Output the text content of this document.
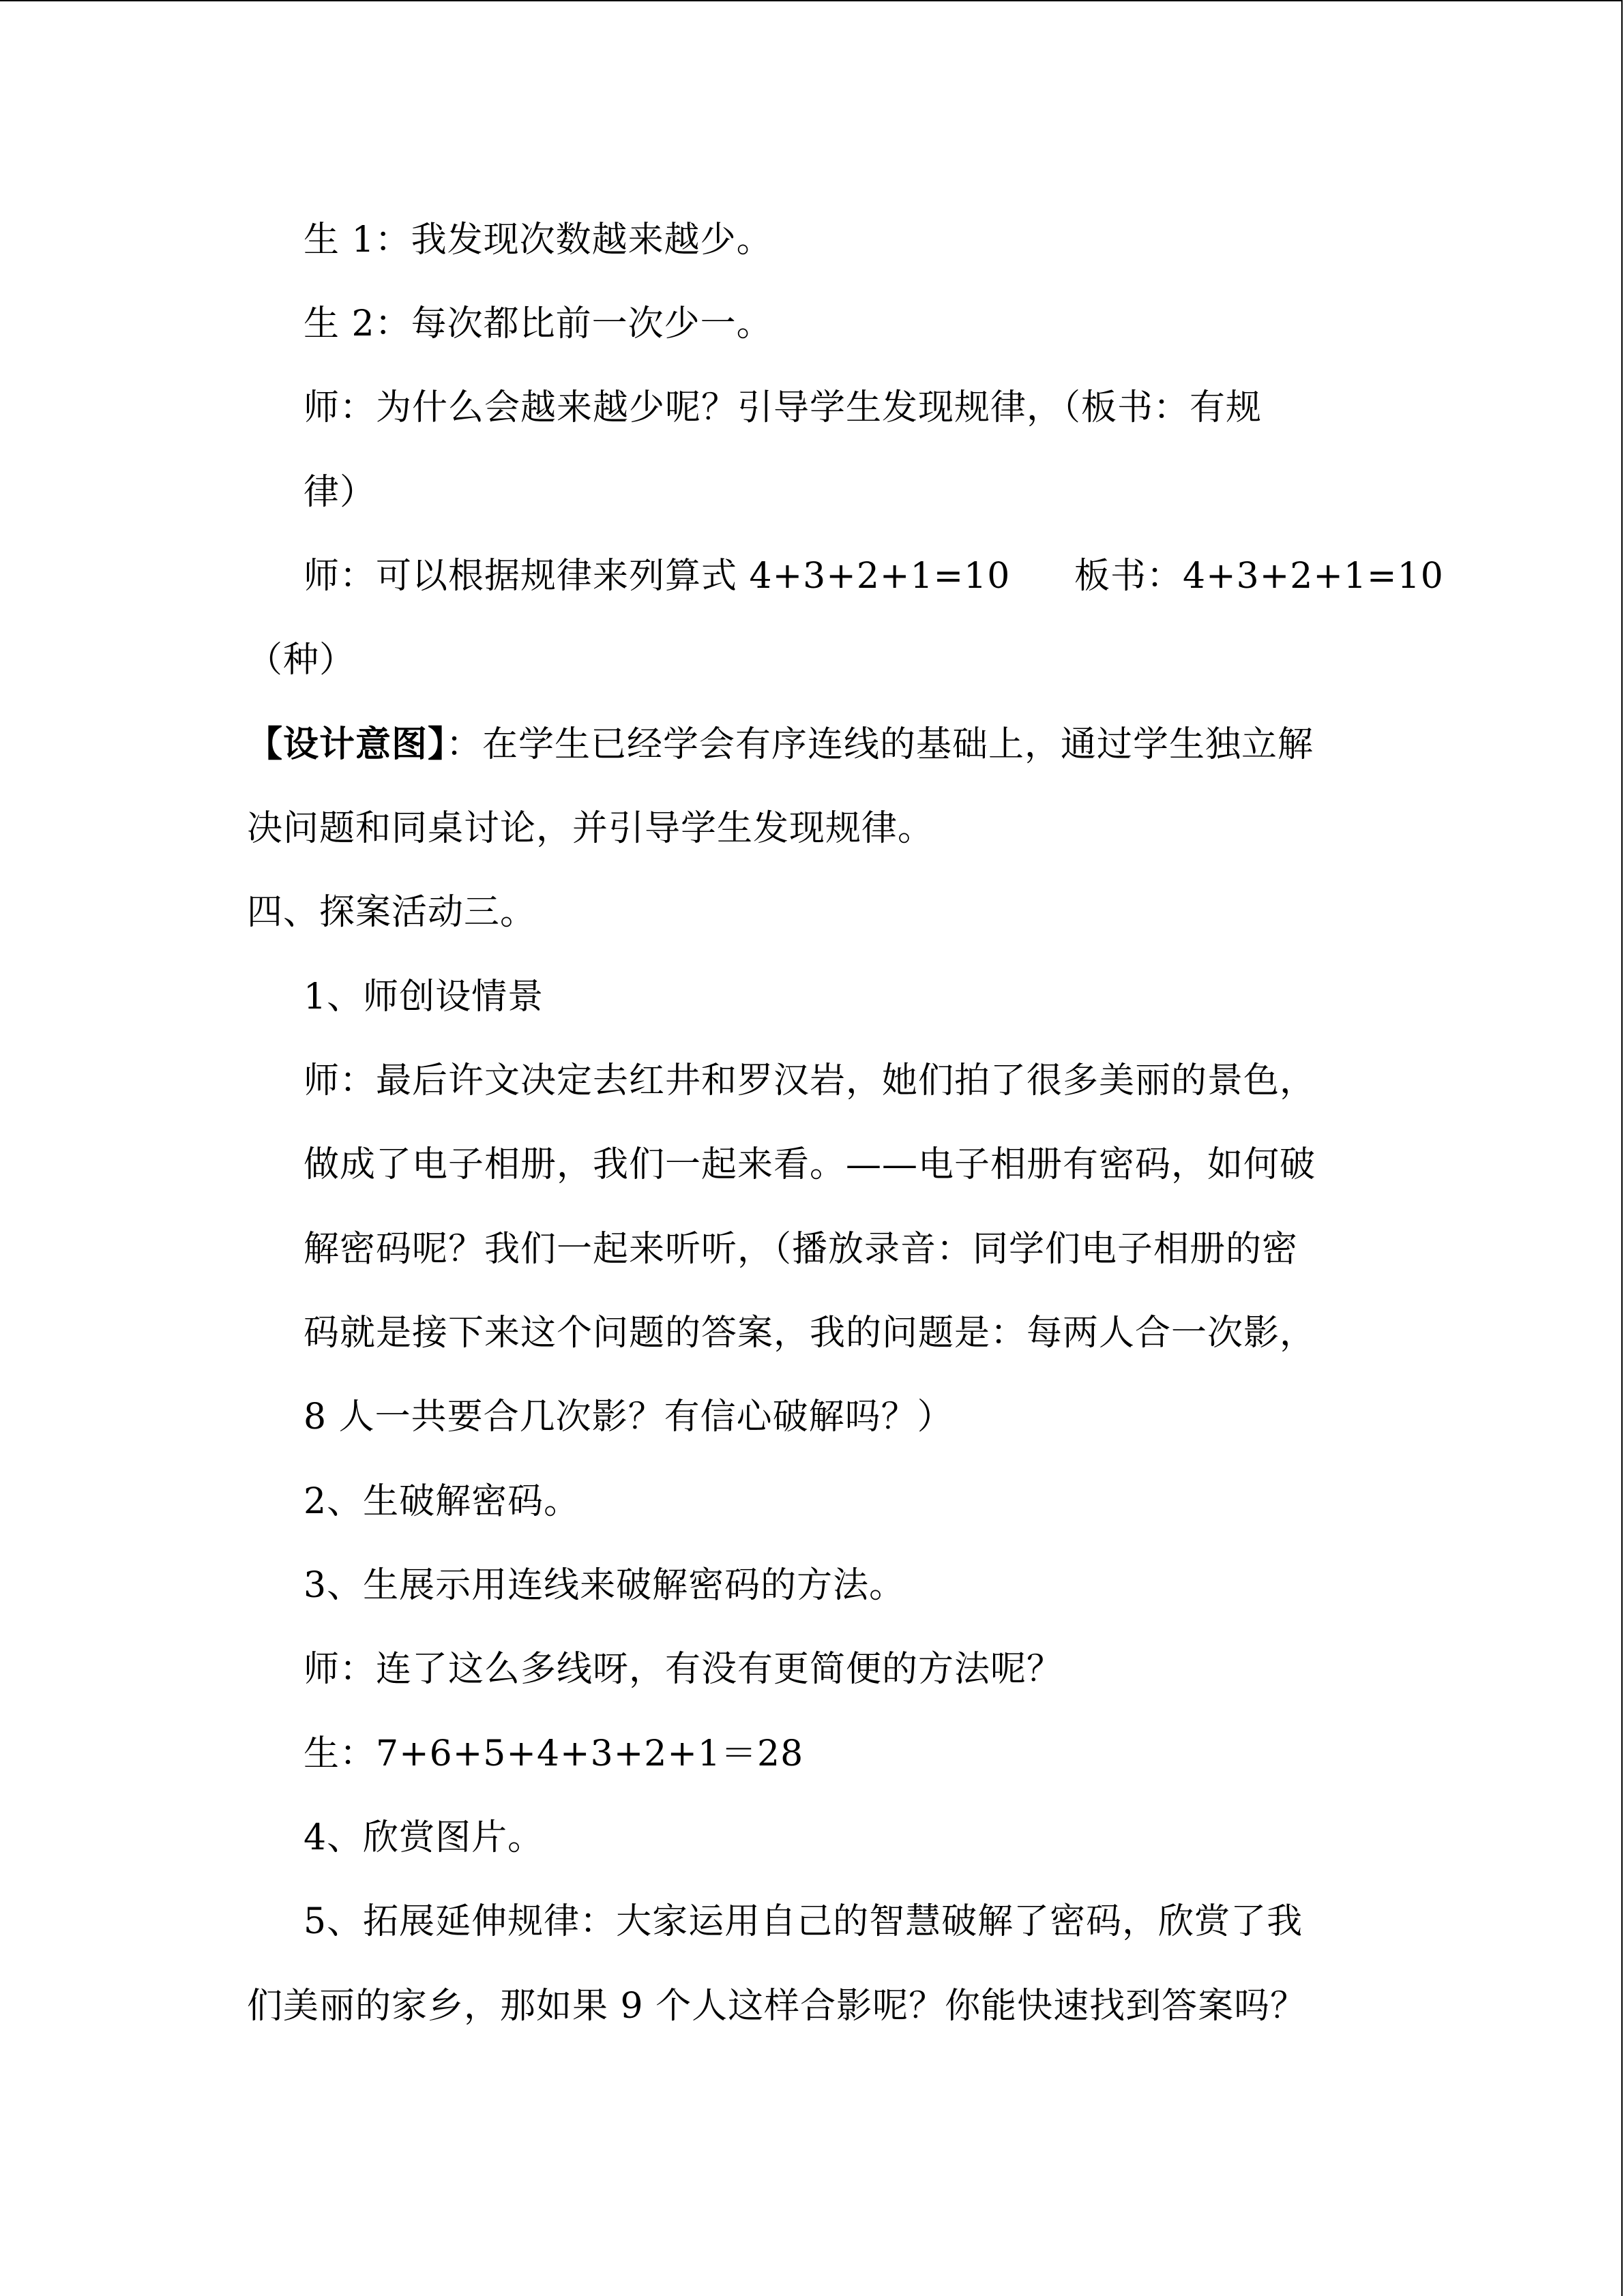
生 1：我发现次数越来越少。
生 2：每次都比前一次少一。
师：为什么会越来越少呢？引导学生发现规律，（板书：有规
律）
师：可以根据规律来列算式 4+3+2+1=10 板书：4+3+2+1=10
（种）
【设计意图】：在学生已经学会有序连线的基础上，通过学生独立解
决问题和同桌讨论，并引导学生发现规律。
四、探案活动三。
1、师创设情景
师：最后许文决定去红井和罗汉岩，她们拍了很多美丽的景色，
做成了电子相册，我们一起来看。——电子相册有密码，如何破
解密码呢？我们一起来听听，（播放录音：同学们电子相册的密
码就是接下来这个问题的答案，我的问题是：每两人合一次影，
8 人一共要合几次影？有信心破解吗？）
2、生破解密码。
3、生展示用连线来破解密码的方法。
师：连了这么多线呀，有没有更简便的方法呢？
生：7+6+5+4+3+2+1＝28
4、欣赏图片。
5、拓展延伸规律：大家运用自己的智慧破解了密码，欣赏了我
们美丽的家乡，那如果 9 个人这样合影呢？你能快速找到答案吗？
